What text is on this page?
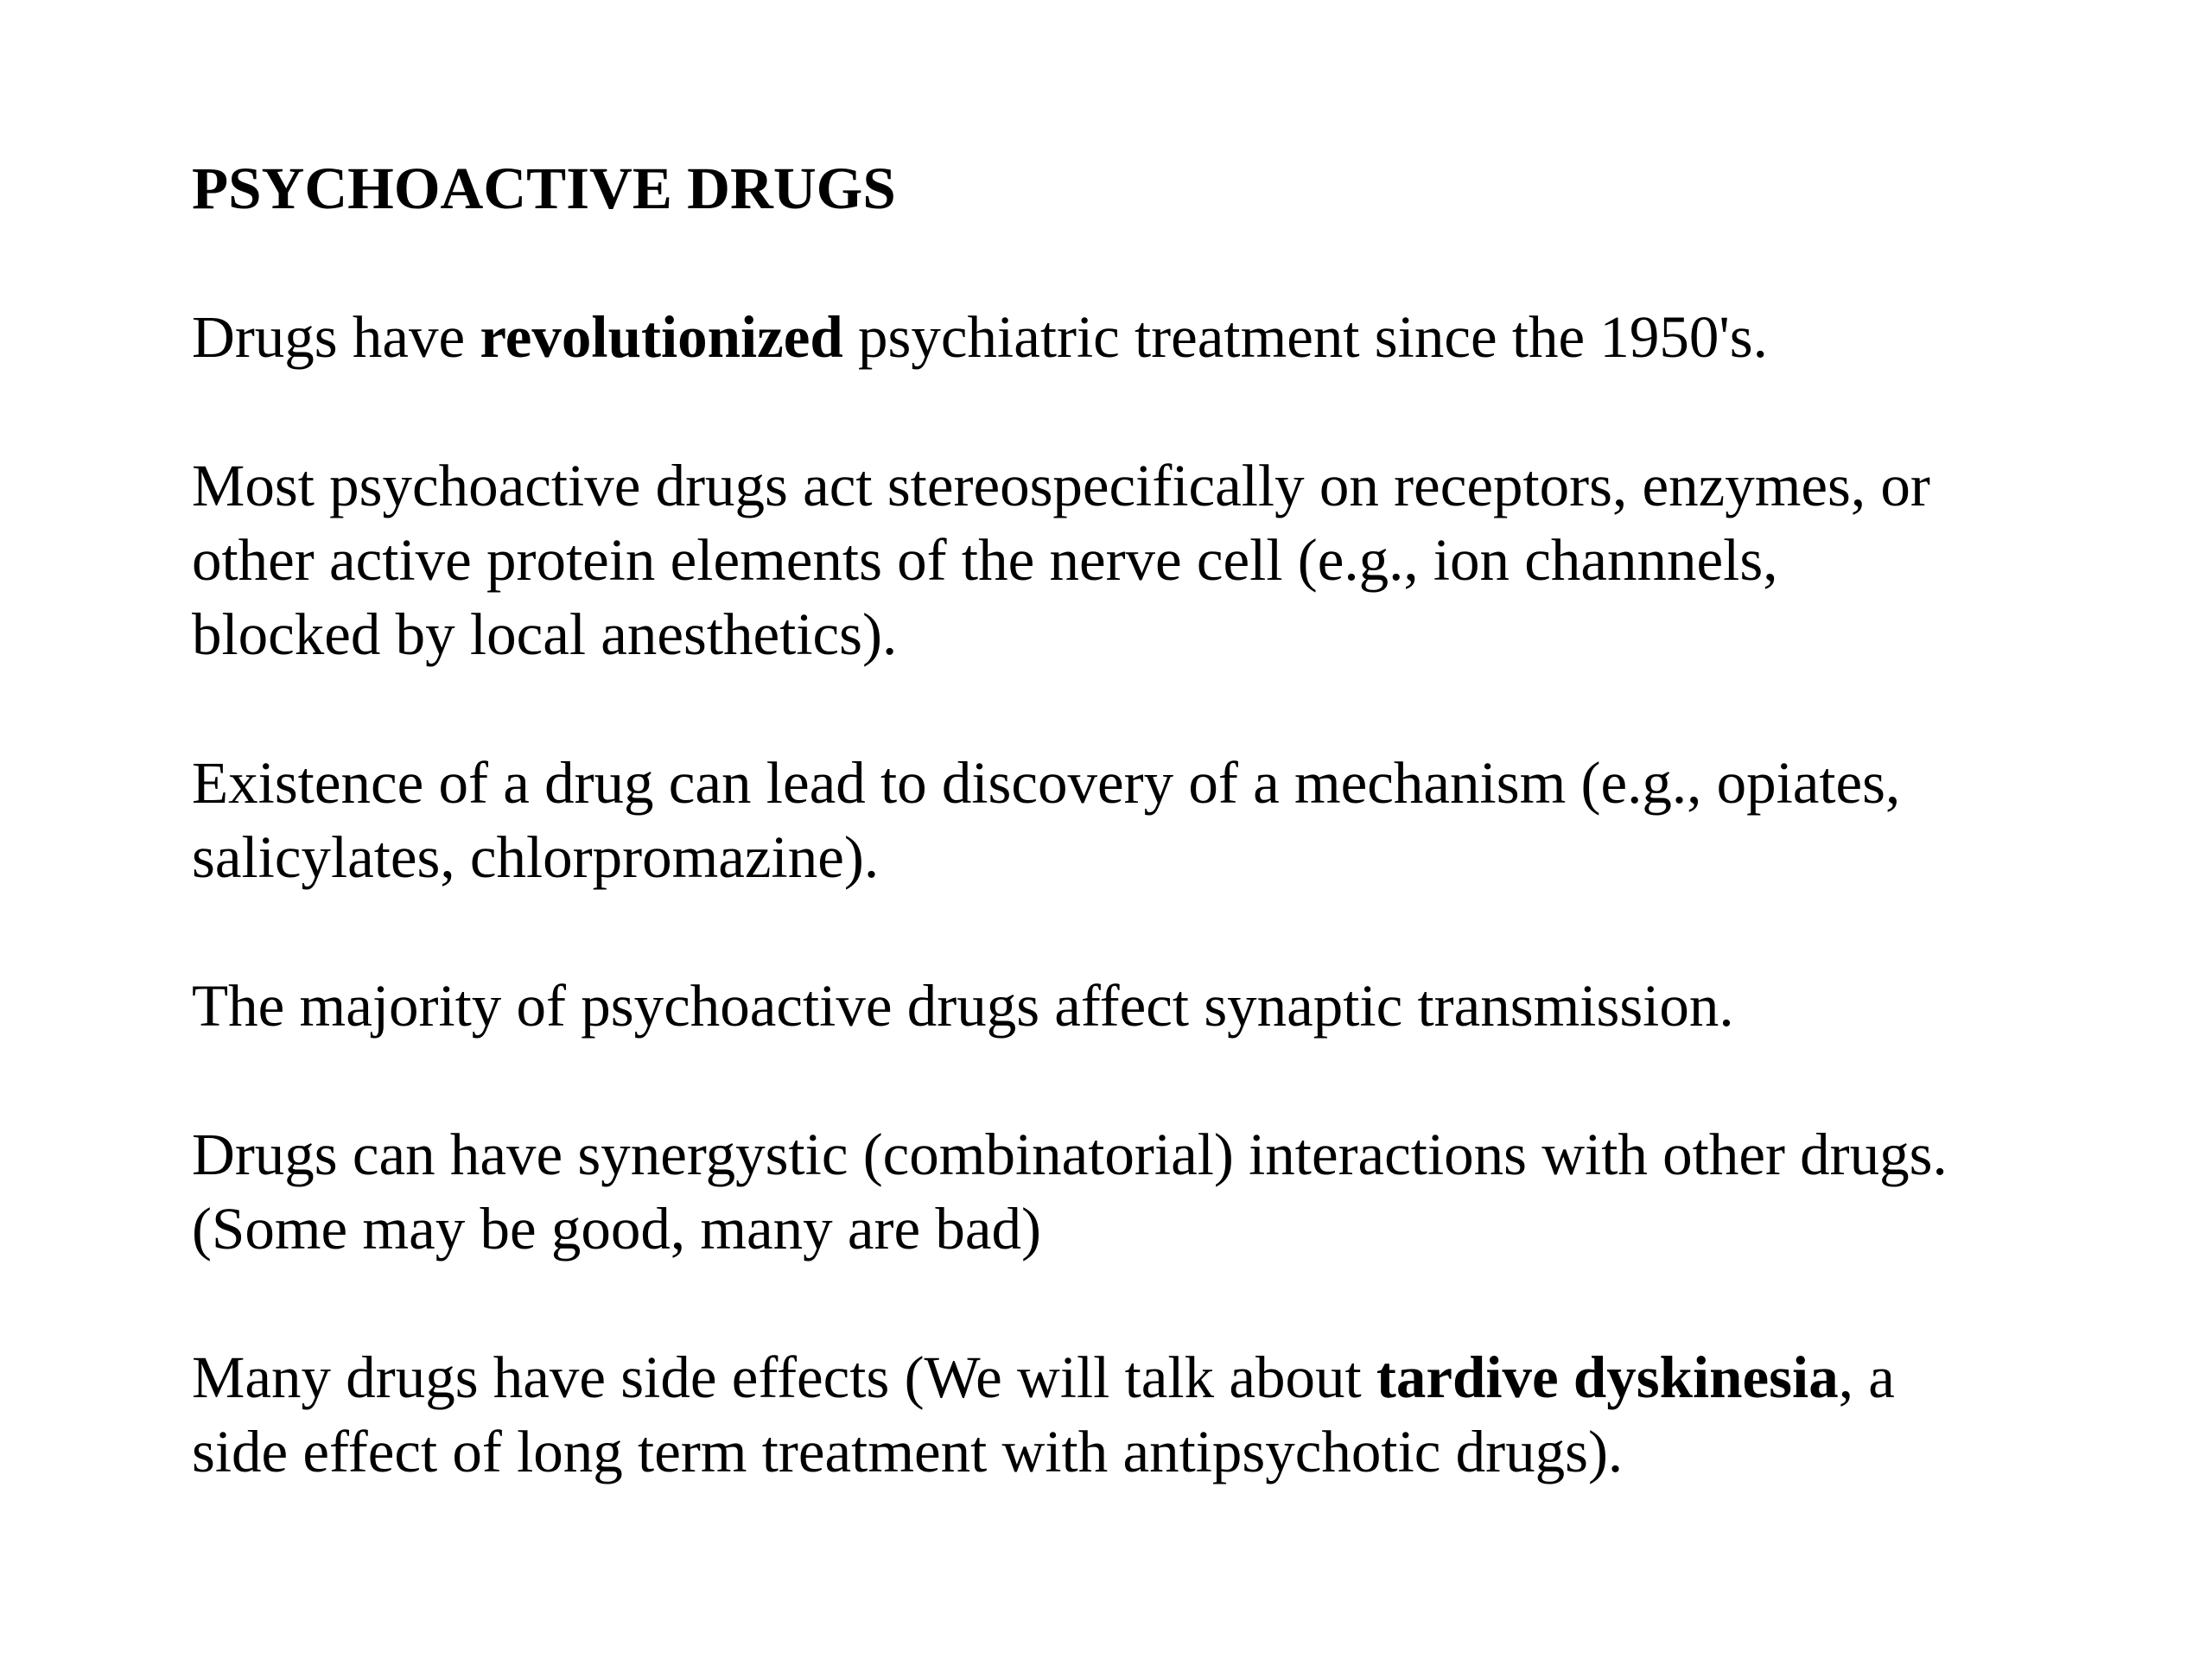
PSYCHOACTIVE DRUGS
Drugs have revolutionized psychiatric treatment since the 1950's.
Most psychoactive drugs act stereospecifically on receptors, enzymes, or
other active protein elements of the nerve cell (e.g., ion channnels,
blocked by local anesthetics).
Existence of a drug can lead to discovery of a mechanism (e.g., opiates,
salicylates, chlorpromazine).
The majority of psychoactive drugs affect synaptic transmission.
Drugs can have synergystic (combinatorial) interactions with other drugs.
(Some may be good, many are bad)
Many drugs have side effects (We will talk about tardive dyskinesia, a
side effect of long term treatment with antipsychotic drugs).
